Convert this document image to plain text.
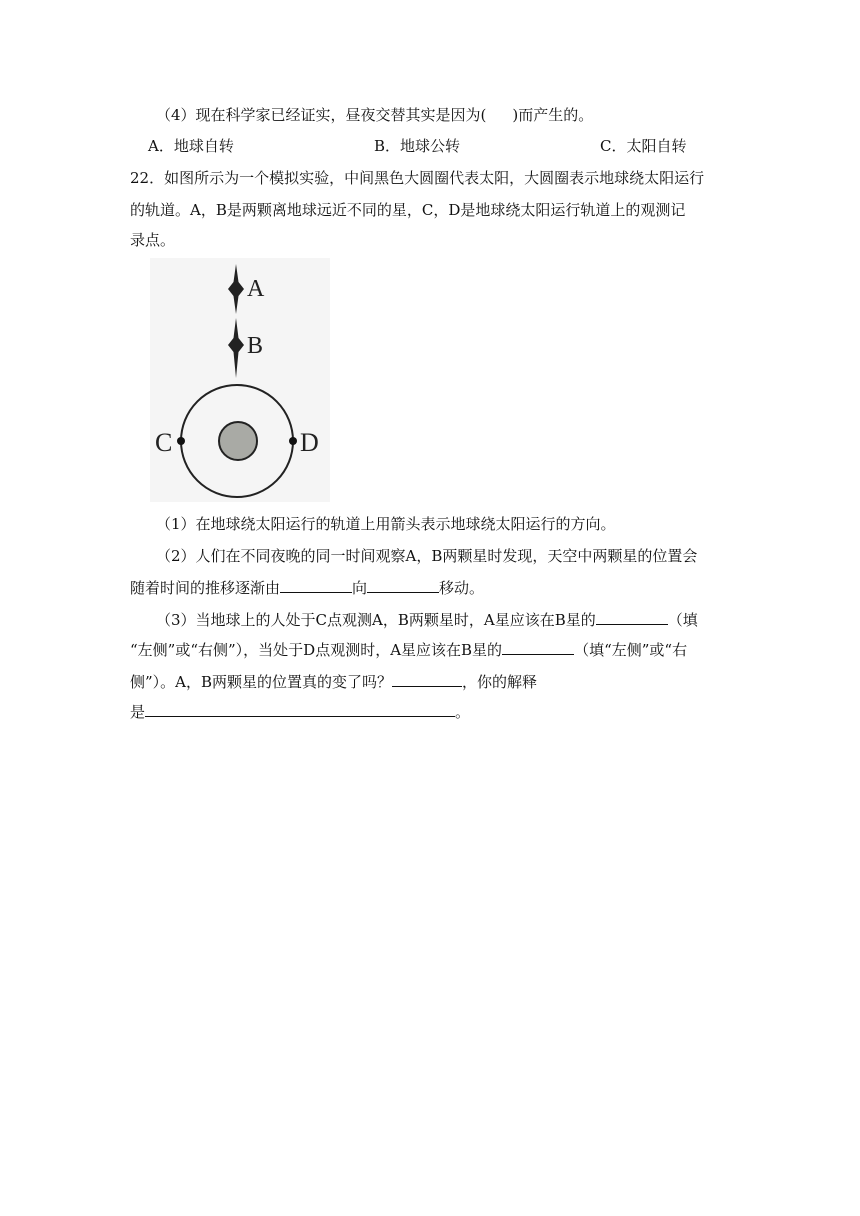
（4）现在科学家已经证实，昼夜交替其实是因为( )而产生的。
A．地球自转	B．地球公转	C．太阳自转
22．如图所示为一个模拟实验，中间黑色大圆圈代表太阳，大圆圈表示地球绕太阳运行
的轨道。A，B是两颗离地球远近不同的星，C，D是地球绕太阳运行轨道上的观测记
录点。
A
B
C	D
（1）在地球绕太阳运行的轨道上用箭头表示地球绕太阳运行的方向。
（2）人们在不同夜晚的同一时间观察A，B两颗星时发现，天空中两颗星的位置会
随着时间的推移逐渐由	向	移动。
（3）当地球上的人处于C点观测A，B两颗星时，A星应该在B星的	（填
“左侧”或“右侧”），当处于D点观测时，A星应该在B星的	（填“左侧”或“右
侧”）。A，B两颗星的位置真的变了吗？	，你的解释
是	。
